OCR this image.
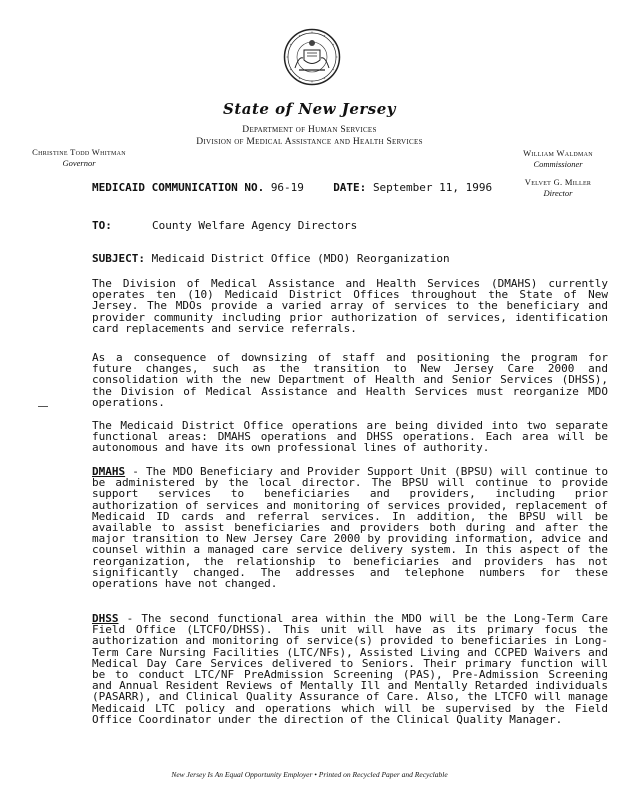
State of New Jersey
Department of Human Services
Division of Medical Assistance and Health Services
Christine Todd Whitman
Governor
William Waldman
Commissioner
Velvet G. Miller
Director
MEDICAID COMMUNICATION NO. 96-19	DATE: September 11, 1996
TO:	County Welfare Agency Directors
SUBJECT: Medicaid District Office (MDO) Reorganization

The Division of Medical Assistance and Health Services (DMAHS) currently operates ten (10) Medicaid District Offices throughout the State of New Jersey. The MDOs provide a varied array of services to the beneficiary and provider community including prior authorization of services, identification card replacements and service referrals.

As a consequence of downsizing of staff and positioning the program for future changes, such as the transition to New Jersey Care 2000 and consolidation with the new Department of Health and Senior Services (DHSS), the Division of Medical Assistance and Health Services must reorganize MDO operations.

The Medicaid District Office operations are being divided into two separate functional areas: DMAHS operations and DHSS operations. Each area will be autonomous and have its own professional lines of authority.

DMAHS - The MDO Beneficiary and Provider Support Unit (BPSU) will continue to be administered by the local director. The BPSU will continue to provide support services to beneficiaries and providers, including prior authorization of services and monitoring of services provided, replacement of Medicaid ID cards and referral services. In addition, the BPSU will be available to assist beneficiaries and providers both during and after the major transition to New Jersey Care 2000 by providing information, advice and counsel within a managed care service delivery system. In this aspect of the reorganization, the relationship to beneficiaries and providers has not significantly changed. The addresses and telephone numbers for these operations have not changed.

DHSS - The second functional area within the MDO will be the Long-Term Care Field Office (LTCFO/DHSS). This unit will have as its primary focus the authorization and monitoring of service(s) provided to beneficiaries in Long-Term Care Nursing Facilities (LTC/NFs), Assisted Living and CCPED Waivers and Medical Day Care Services delivered to Seniors. Their primary function will be to conduct LTC/NF PreAdmission Screening (PAS), Pre-Admission Screening and Annual Resident Reviews of Mentally Ill and Mentally Retarded individuals (PASARR), and Clinical Quality Assurance of Care. Also, the LTCFO will manage Medicaid LTC policy and operations which will be supervised by the Field Office Coordinator under the direction of the Clinical Quality Manager.

New Jersey Is An Equal Opportunity Employer • Printed on Recycled Paper and Recyclable
